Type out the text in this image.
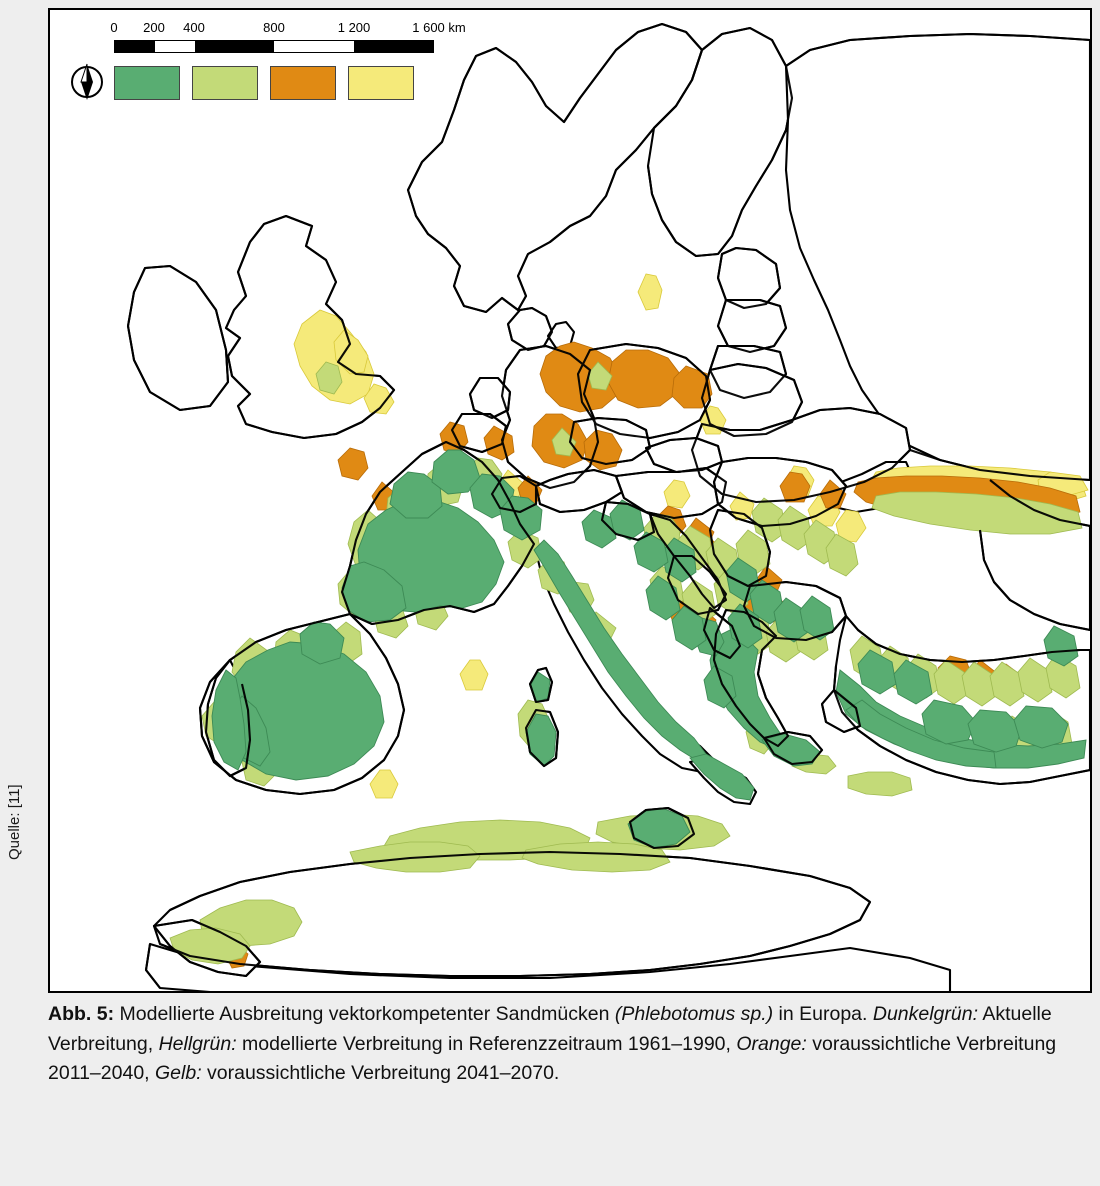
Quelle: [11]
0 200 400	800	1 200	1 600 km
Abb. 5: Modellierte Ausbreitung vektorkompetenter Sandmücken (Phlebotomus sp.) in Europa. Dunkelgrün: Aktuelle Verbreitung, Hellgrün: modellierte Verbreitung in Referenzzeitraum 1961–1990, Orange: voraussichtliche Verbreitung 2011–2040, Gelb: voraussichtliche Verbreitung 2041–2070.
